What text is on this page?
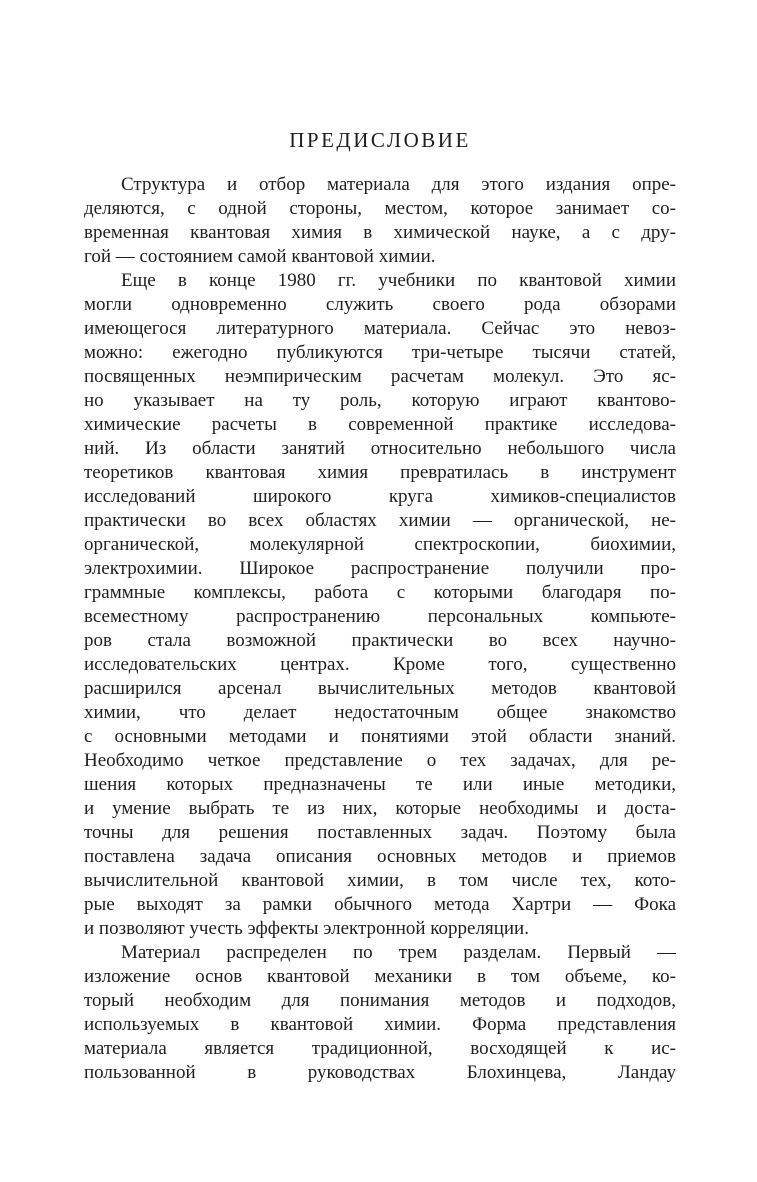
ПРЕДИСЛОВИЕ
Структура и отбор материала для этого издания опре-
деляются, с одной стороны, местом, которое занимает со-
временная квантовая химия в химической науке, а с дру-
гой — состоянием самой квантовой химии.
Еще в конце 1980 гг. учебники по квантовой химии
могли одновременно служить своего рода обзорами
имеющегося литературного материала. Сейчас это невоз-
можно: ежегодно публикуются три-четыре тысячи статей,
посвященных неэмпирическим расчетам молекул. Это яс-
но указывает на ту роль, которую играют квантово-
химические расчеты в современной практике исследова-
ний. Из области занятий относительно небольшого числа
теоретиков квантовая химия превратилась в инструмент
исследований широкого круга химиков-специалистов
практически во всех областях химии — органической, не-
органической, молекулярной спектроскопии, биохимии,
электрохимии. Широкое распространение получили про-
граммные комплексы, работа с которыми благодаря по-
всеместному распространению персональных компьюте-
ров стала возможной практически во всех научно-
исследовательских центрах. Кроме того, существенно
расширился арсенал вычислительных методов квантовой
химии, что делает недостаточным общее знакомство
с основными методами и понятиями этой области знаний.
Необходимо четкое представление о тех задачах, для ре-
шения которых предназначены те или иные методики,
и умение выбрать те из них, которые необходимы и доста-
точны для решения поставленных задач. Поэтому была
поставлена задача описания основных методов и приемов
вычислительной квантовой химии, в том числе тех, кото-
рые выходят за рамки обычного метода Хартри — Фока
и позволяют учесть эффекты электронной корреляции.
Материал распределен по трем разделам. Первый —
изложение основ квантовой механики в том объеме, ко-
торый необходим для понимания методов и подходов,
используемых в квантовой химии. Форма представления
материала является традиционной, восходящей к ис-
пользованной в руководствах Блохинцева, Ландау
